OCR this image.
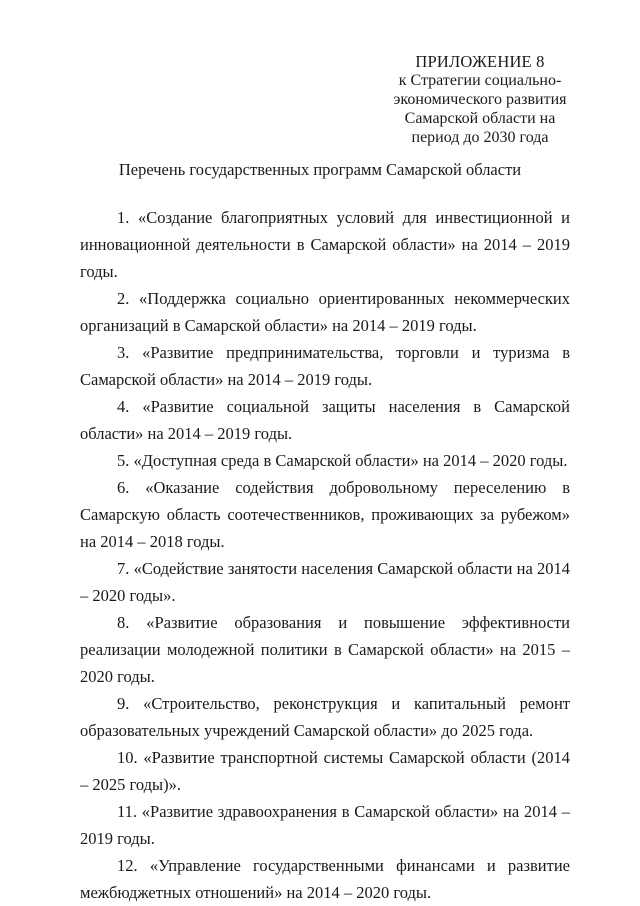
ПРИЛОЖЕНИЕ 8
к Стратегии социально-
экономического развития
Самарской области на
период до 2030 года
Перечень государственных программ Самарской области

1. «Создание благоприятных условий для инвестиционной и инновационной деятельности в Самарской области» на 2014 – 2019 годы.

2. «Поддержка социально ориентированных некоммерческих организаций в Самарской области» на 2014 – 2019 годы.

3. «Развитие предпринимательства, торговли и туризма в Самарской области» на 2014 – 2019 годы.

4. «Развитие социальной защиты населения в Самарской области» на 2014 – 2019 годы.

5. «Доступная среда в Самарской области» на 2014 – 2020 годы.

6. «Оказание содействия добровольному переселению в Самарскую область соотечественников, проживающих за рубежом» на 2014 – 2018 годы.

7. «Содействие занятости населения Самарской области на 2014 – 2020 годы».

8. «Развитие образования и повышение эффективности реализации молодежной политики в Самарской области» на 2015 – 2020 годы.

9. «Строительство, реконструкция и капитальный ремонт образовательных учреждений Самарской области» до 2025 года.

10. «Развитие транспортной системы Самарской области (2014 – 2025 годы)».

11. «Развитие здравоохранения в Самарской области» на 2014 – 2019 годы.

12. «Управление государственными финансами и развитие межбюджетных отношений» на 2014 – 2020 годы.
